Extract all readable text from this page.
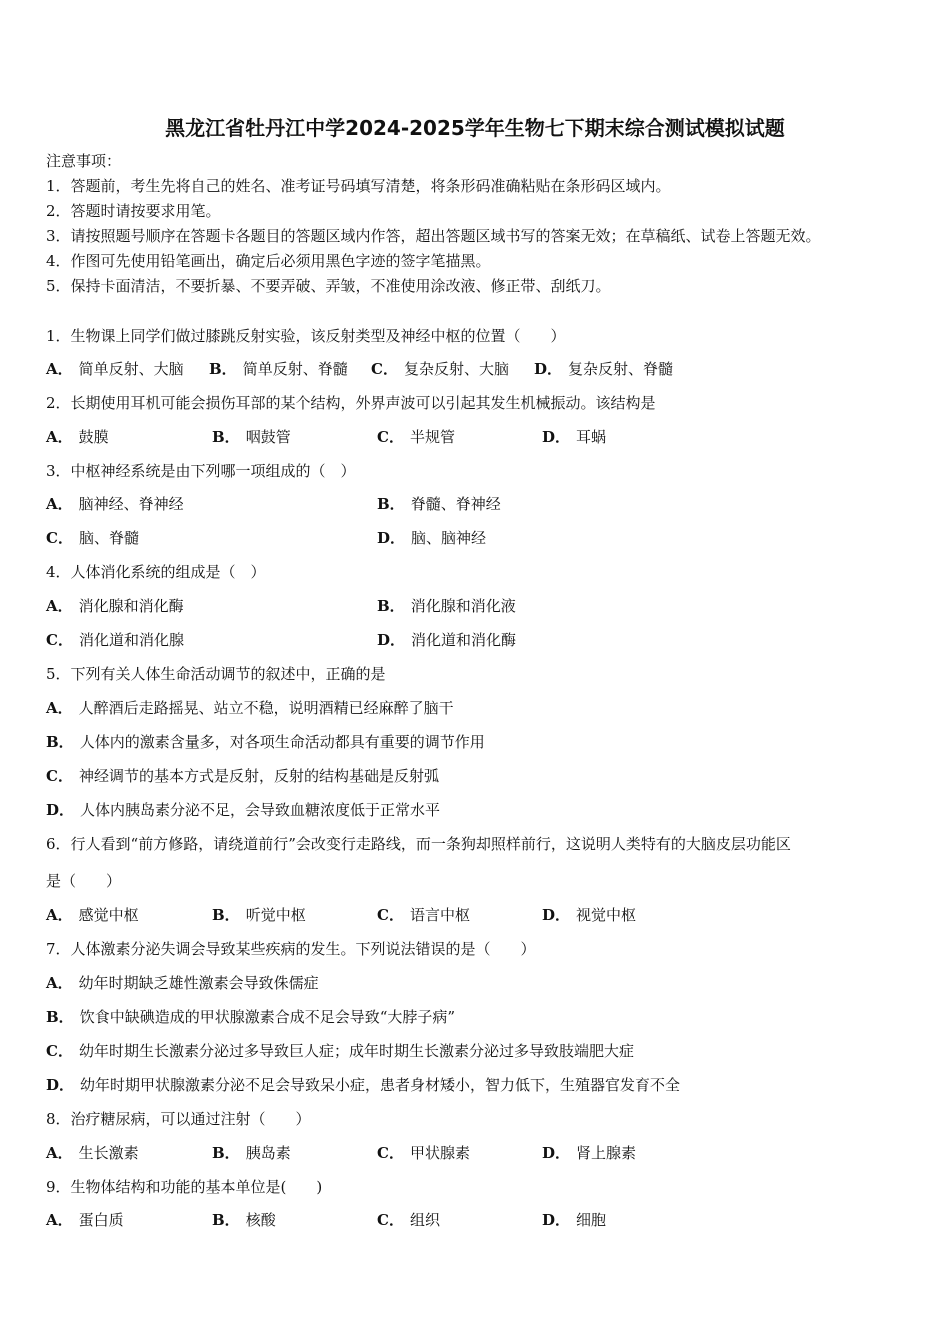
黑龙江省牡丹江中学2024-2025学年生物七下期末综合测试模拟试题
注意事项：
1．答题前，考生先将自己的姓名、准考证号码填写清楚，将条形码准确粘贴在条形码区域内。
2．答题时请按要求用笔。
3．请按照题号顺序在答题卡各题目的答题区域内作答，超出答题区域书写的答案无效；在草稿纸、试卷上答题无效。
4．作图可先使用铅笔画出，确定后必须用黑色字迹的签字笔描黑。
5．保持卡面清洁，不要折暴、不要弄破、弄皱，不准使用涂改液、修正带、刮纸刀。
1．生物课上同学们做过膝跳反射实验，该反射类型及神经中枢的位置（　　）
A． 简单反射、大脑 B． 简单反射、脊髓 C． 复杂反射、大脑 D． 复杂反射、脊髓
2．长期使用耳机可能会损伤耳部的某个结构，外界声波可以引起其发生机械振动。该结构是
A． 鼓膜	B． 咽鼓管	C． 半规管	D． 耳蜗
3．中枢神经系统是由下列哪一项组成的（　）
A． 脑神经、脊神经	B． 脊髓、脊神经
C． 脑、脊髓	D． 脑、脑神经
4．人体消化系统的组成是（　）
A． 消化腺和消化酶	B． 消化腺和消化液
C． 消化道和消化腺	D． 消化道和消化酶
5．下列有关人体生命活动调节的叙述中，正确的是
A． 人醉酒后走路摇晃、站立不稳，说明酒精已经麻醉了脑干
B． 人体内的激素含量多，对各项生命活动都具有重要的调节作用
C． 神经调节的基本方式是反射，反射的结构基础是反射弧
D． 人体内胰岛素分泌不足，会导致血糖浓度低于正常水平
6．行人看到“前方修路，请绕道前行”会改变行走路线，而一条狗却照样前行，这说明人类特有的大脑皮层功能区
是（　　）
A． 感觉中枢	B． 听觉中枢	C． 语言中枢	D． 视觉中枢
7．人体激素分泌失调会导致某些疾病的发生。下列说法错误的是（　　）
A． 幼年时期缺乏雄性激素会导致侏儒症
B． 饮食中缺碘造成的甲状腺激素合成不足会导致“大脖子病”
C． 幼年时期生长激素分泌过多导致巨人症；成年时期生长激素分泌过多导致肢端肥大症
D． 幼年时期甲状腺激素分泌不足会导致呆小症，患者身材矮小，智力低下，生殖器官发育不全
8．治疗糖尿病，可以通过注射（　　）
A． 生长激素	B． 胰岛素	C． 甲状腺素	D． 肾上腺素
9．生物体结构和功能的基本单位是(　　)
A． 蛋白质	B． 核酸	C． 组织	D． 细胞
